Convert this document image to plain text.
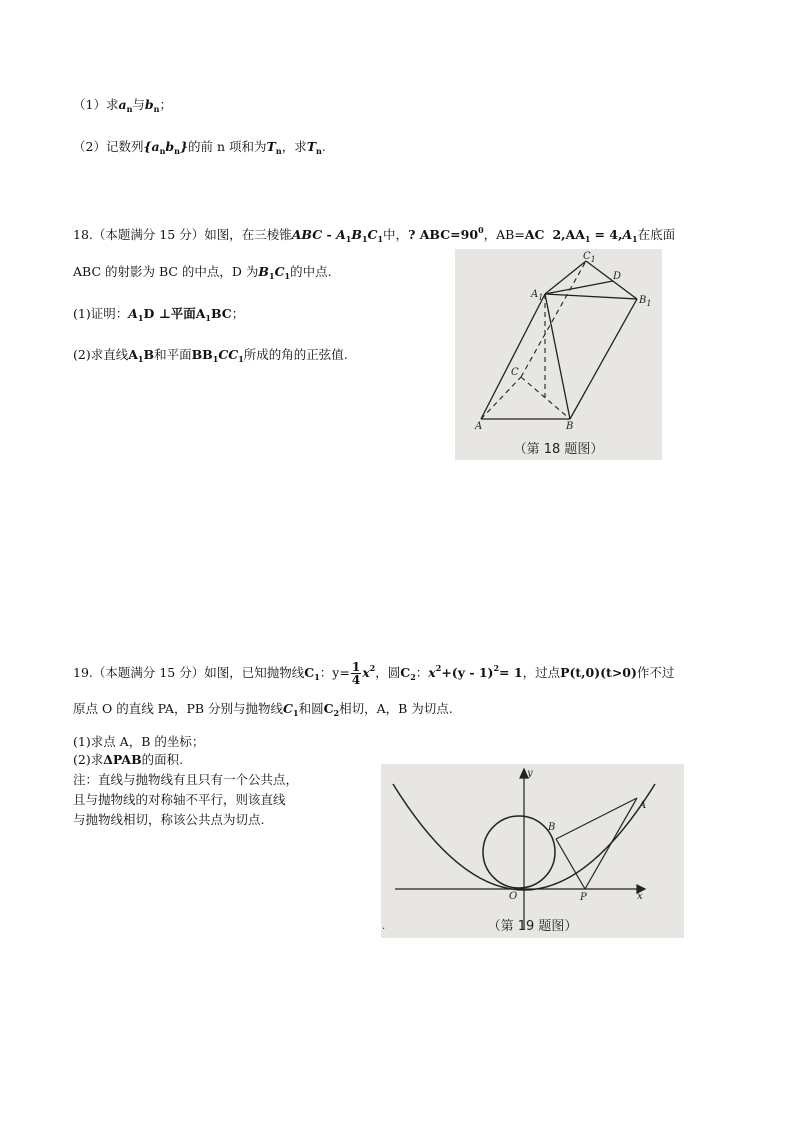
（1）求$a_n$与$b_n$；
（2）记数列$\{a_nb_n\}$的前 n 项和为$T_n$，求$T_n$.
18.（本题满分 15 分）如图，在三棱锥ABC - $A_1B_1C_1$中，? $ABC=90^0$，AB=AC $2,AA_1 = 4,A_1$在底面
ABC 的射影为 BC 的中点，D 为$B_1C_1$的中点.
(1)证明：$A_1D$ ⊥平面$A_1BC$；
(2)求直线$A_1B$和平面$BB_1CC_1$所成的角的正弦值.
$C_1$
D
$A_1$	$B_1$
C
A	B
（第 18 题图）
19.（本题满分 15 分）如图，已知抛物线$C_1$：$y= \frac{1}{4} x^2$，圆$C_2$：$x^2+(y - 1)^2= 1$，过点P(t,0)(t>0)作不过
原点 O 的直线 PA，PB 分别与抛物线$C_1$和圆$C_2$相切，A，B 为切点.
(1)求点 A，B 的坐标；
(2)求ΔPAB的面积.
注：直线与抛物线有且只有一个公共点，
且与抛物线的对称轴不平行，则该直线
与抛物线相切，称该公共点为切点.
y
x
O	P
A
B
.	（第 19 题图）
